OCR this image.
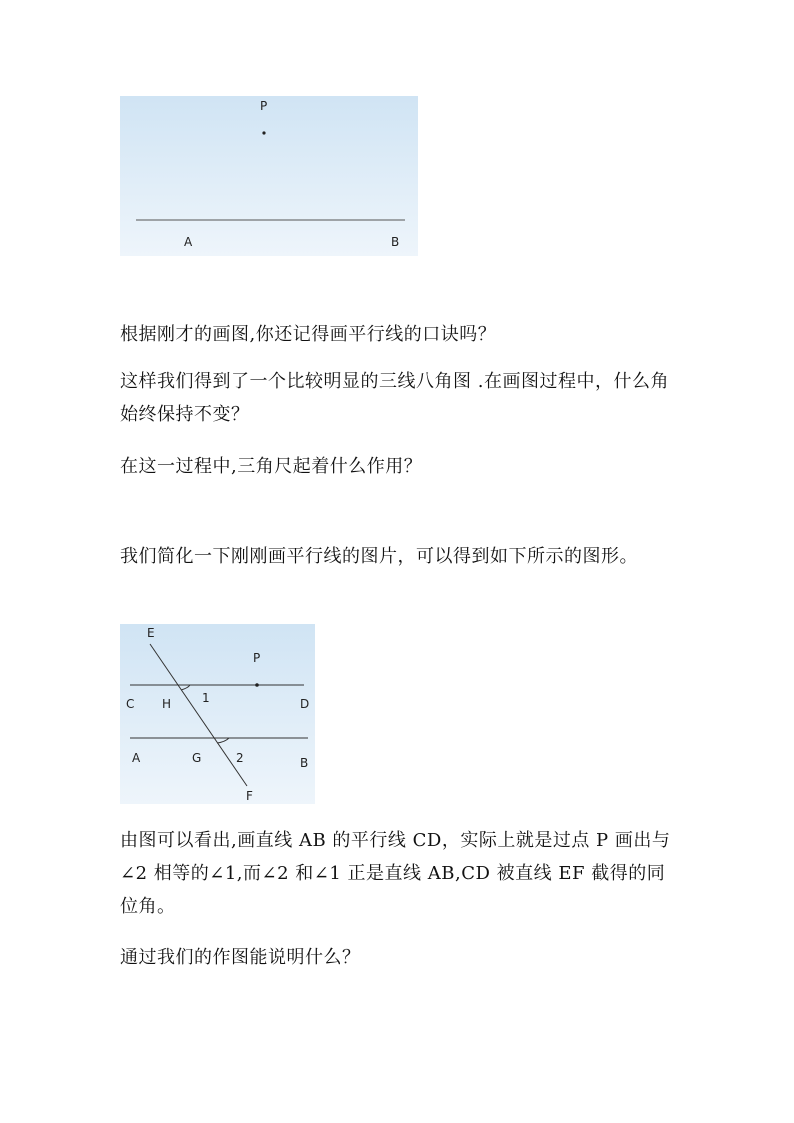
P
A	B

根据刚才的画图,你还记得画平行线的口诀吗？

这样我们得到了一个比较明显的三线八角图 .在画图过程中，什么角始终保持不变？

在这一过程中,三角尺起着什么作用？

我们简化一下刚刚画平行线的图片，可以得到如下所示的图形。

E
P
C H	1	D
A	G	2	B
F

由图可以看出,画直线 AB 的平行线 CD，实际上就是过点 P 画出与∠2 相等的∠1,而∠2 和∠1 正是直线 AB,CD 被直线 EF 截得的同位角。

通过我们的作图能说明什么？
